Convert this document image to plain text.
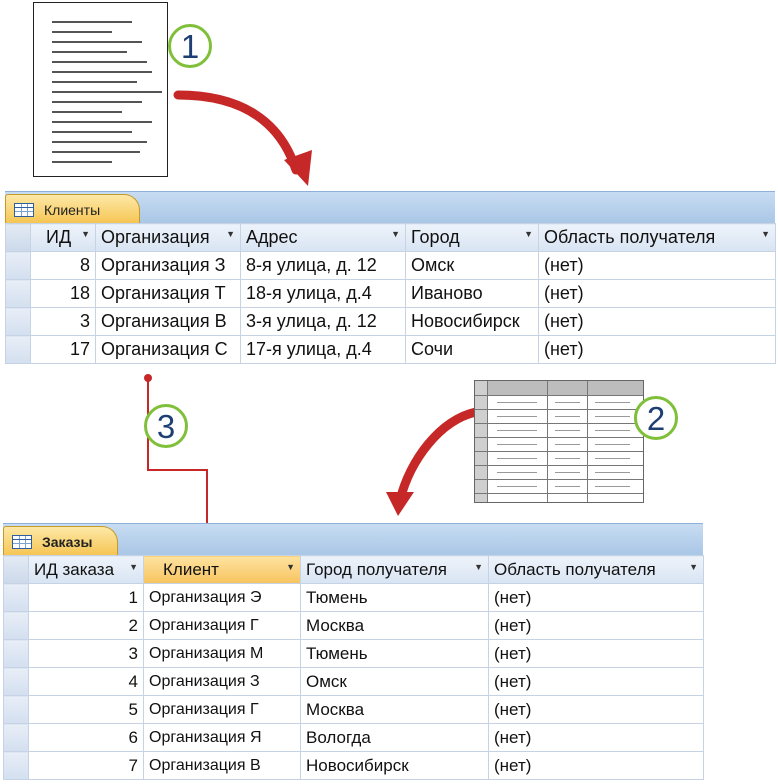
1
Клиенты
	ИД ▼	Организация ▼	Адрес ▼	Город ▼	Область получателя ▼

	8	Организация З	8-я улица, д. 12	Омск	(нет)
	18	Организация Т	18-я улица, д.4	Иваново	(нет)
	3	Организация В	3-я улица, д. 12	Новосибирск	(нет)
	17	Организация С	17-я улица, д.4	Сочи	(нет)
2
3
Заказы
	ИД заказа ▼	Клиент ▼	Город получателя ▼	Область получателя ▼

	1	Организация Э	Тюмень	(нет)
	2	Организация Г	Москва	(нет)
	3	Организация М	Тюмень	(нет)
	4	Организация З	Омск	(нет)
	5	Организация Г	Москва	(нет)
	6	Организация Я	Вологда	(нет)
	7	Организация В	Новосибирск	(нет)
